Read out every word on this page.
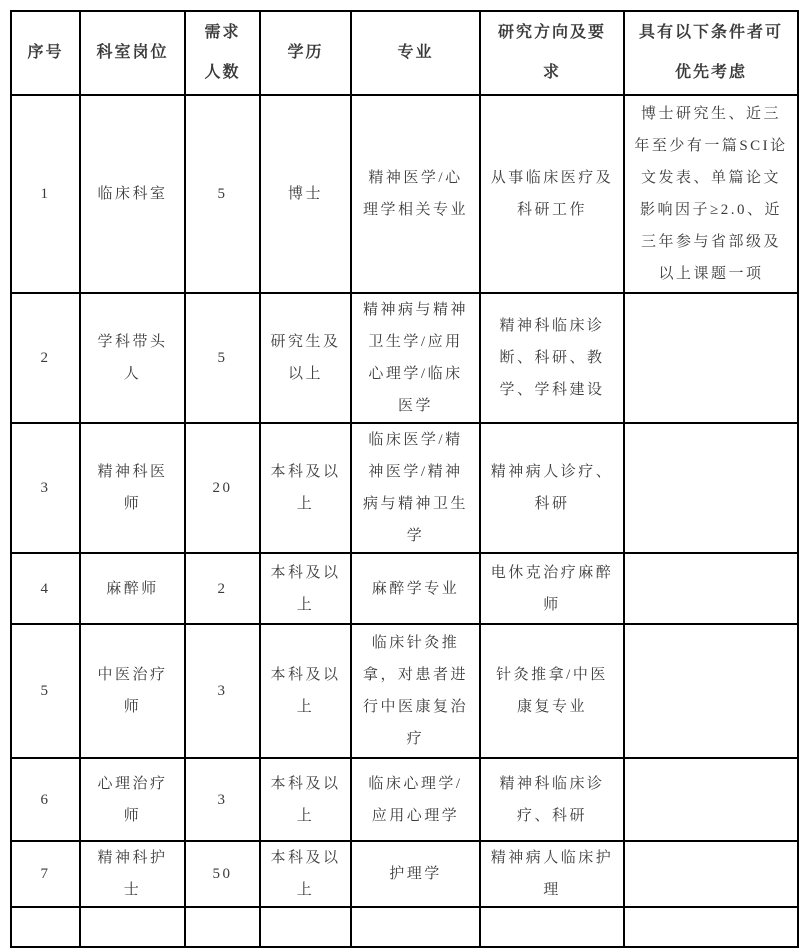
序号	科室岗位	需求人数	学历	专业	研究方向及要求	具有以下条件者可优先考虑
1	临床科室	5	博士	精神医学/心理学相关专业	从事临床医疗及科研工作	博士研究生、近三年至少有一篇SCI论文发表、单篇论文影响因子≥2.0、近三年参与省部级及以上课题一项
2	学科带头人	5	研究生及以上	精神病与精神卫生学/应用心理学/临床医学	精神科临床诊断、科研、教学、学科建设	
3	精神科医师	20	本科及以上	临床医学/精神医学/精神病与精神卫生学	精神病人诊疗、科研	
4	麻醉师	2	本科及以上	麻醉学专业	电休克治疗麻醉师	
5	中医治疗师	3	本科及以上	临床针灸推拿，对患者进行中医康复治疗	针灸推拿/中医康复专业	
6	心理治疗师	3	本科及以上	临床心理学/应用心理学	精神科临床诊疗、科研	
7	精神科护士	50	本科及以上	护理学	精神病人临床护理	
